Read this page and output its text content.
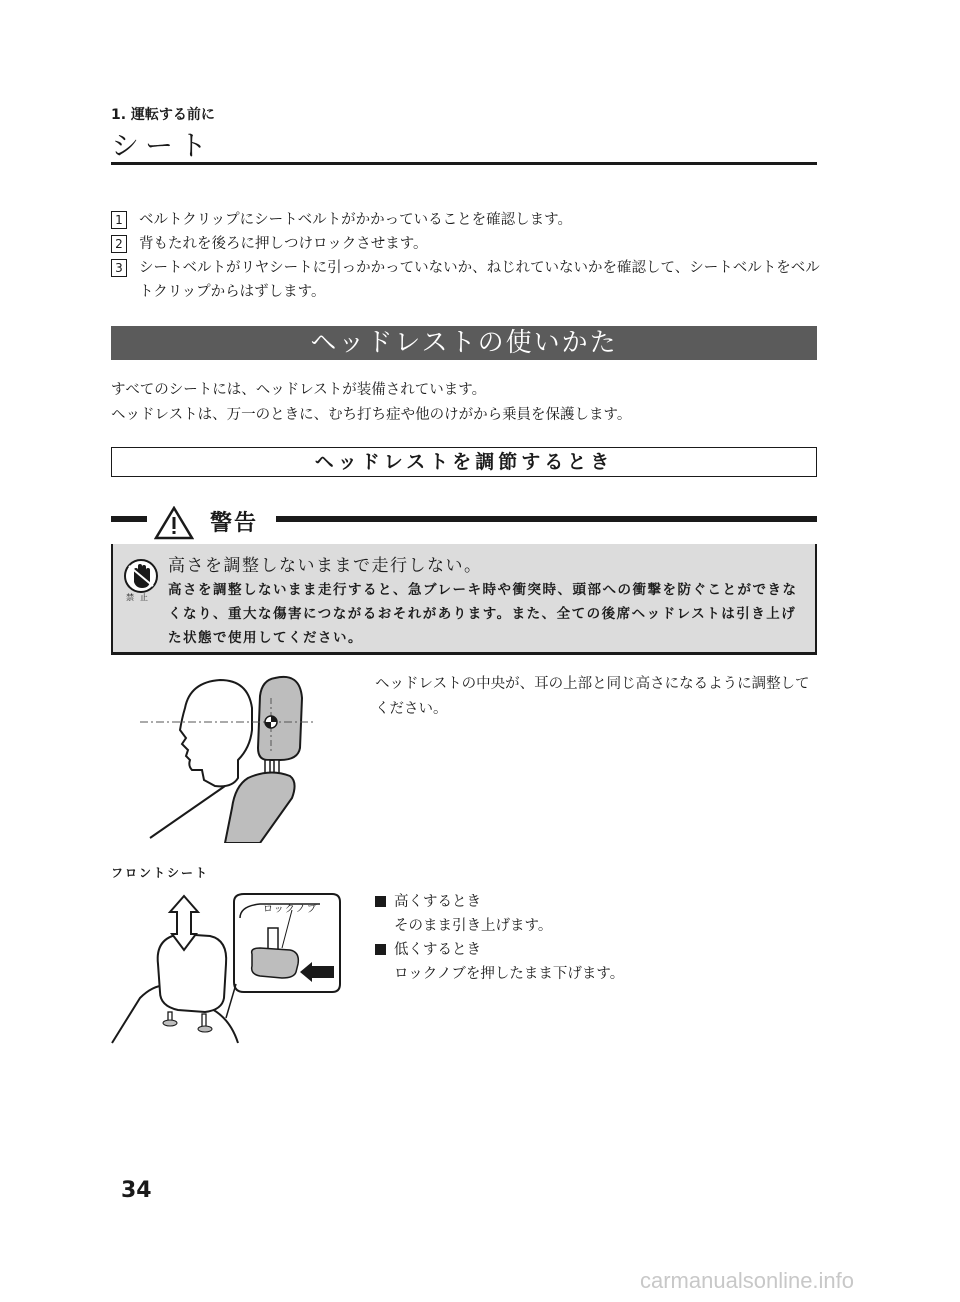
1. 運転する前に
シート
1 ベルトクリップにシートベルトがかかっていることを確認します。
2 背もたれを後ろに押しつけロックさせます。
3 シートベルトがリヤシートに引っかかっていないか、ねじれていないかを確認して、シートベルトをベルトクリップからはずします。
ヘッドレストの使いかた
すべてのシートには、ヘッドレストが装備されています。
ヘッドレストは、万一のときに、むち打ち症や他のけがから乗員を保護します。
ヘッドレストを調節するとき
警告
禁止
高さを調整しないままで走行しない。
高さを調整しないまま走行すると、急ブレーキ時や衝突時、頭部への衝撃を防ぐことができなくなり、重大な傷害につながるおそれがあります。また、全ての後席ヘッドレストは引き上げた状態で使用してください。
ヘッドレストの中央が、耳の上部と同じ高さになるように調整してください。
フロントシート
ロックノブ	高くするとき
そのまま引き上げます。
低くするとき
ロックノブを押したまま下げます。
34
carmanualsonline.info
